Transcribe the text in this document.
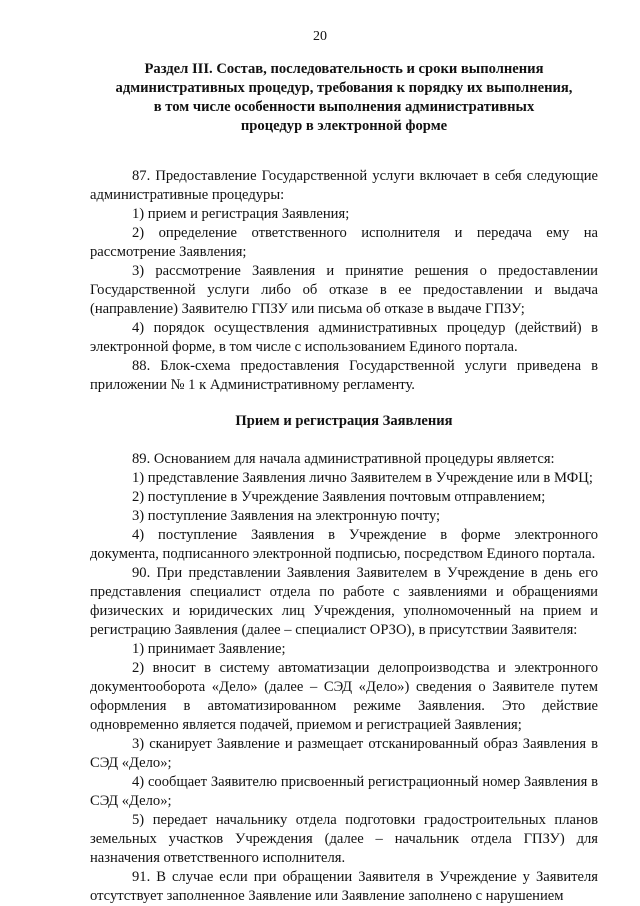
20
Раздел III. Состав, последовательность и сроки выполнения
административных процедур, требования к порядку их выполнения,
в том числе особенности выполнения административных
процедур в электронной форме

87. Предоставление Государственной услуги включает в себя следующие административные процедуры:

1) прием и регистрация Заявления;

2) определение ответственного исполнителя и передача ему на рассмотрение Заявления;

3) рассмотрение Заявления и принятие решения о предоставлении Государственной услуги либо об отказе в ее предоставлении и выдача (направление) Заявителю ГПЗУ или письма об отказе в выдаче ГПЗУ;

4) порядок осуществления административных процедур (действий) в электронной форме, в том числе с использованием Единого портала.

88. Блок-схема предоставления Государственной услуги приведена в приложении № 1 к Административному регламенту.

Прием и регистрация Заявления

89. Основанием для начала административной процедуры является:

1) представление Заявления лично Заявителем в Учреждение или в МФЦ;

2) поступление в Учреждение Заявления почтовым отправлением;

3) поступление Заявления на электронную почту;

4) поступление Заявления в Учреждение в форме электронного документа, подписанного электронной подписью, посредством Единого портала.

90. При представлении Заявления Заявителем в Учреждение в день его представления специалист отдела по работе с заявлениями и обращениями физических и юридических лиц Учреждения, уполномоченный на прием и регистрацию Заявления (далее – специалист ОРЗО), в присутствии Заявителя:

1) принимает Заявление;

2) вносит в систему автоматизации делопроизводства и электронного документооборота «Дело» (далее – СЭД «Дело») сведения о Заявителе путем оформления в автоматизированном режиме Заявления. Это действие одновременно является подачей, приемом и регистрацией Заявления;

3) сканирует Заявление и размещает отсканированный образ Заявления в СЭД «Дело»;

4) сообщает Заявителю присвоенный регистрационный номер Заявления в СЭД «Дело»;

5) передает начальнику отдела подготовки градостроительных планов земельных участков Учреждения (далее – начальник отдела ГПЗУ) для назначения ответственного исполнителя.

91. В случае если при обращении Заявителя в Учреждение у Заявителя отсутствует заполненное Заявление или Заявление заполнено с нарушением
